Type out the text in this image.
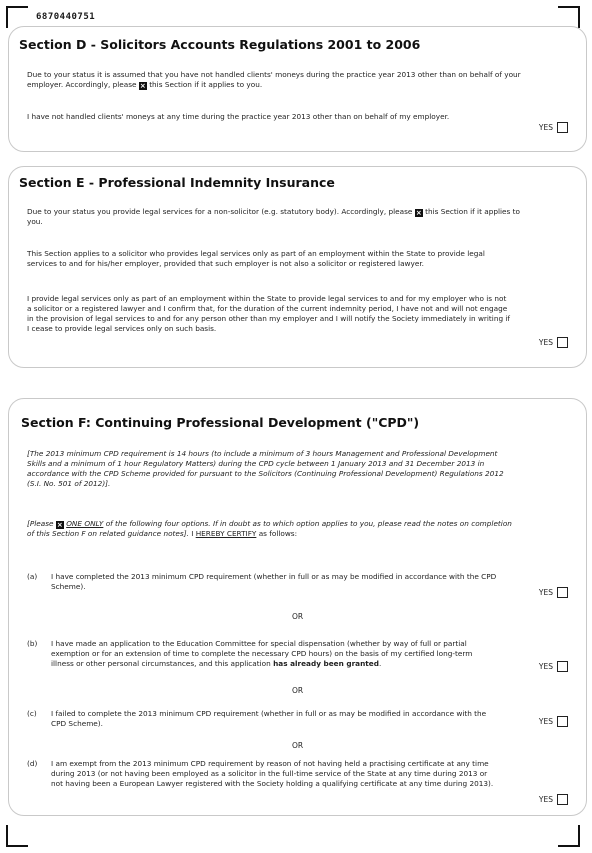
6870440751
Section D - Solicitors Accounts Regulations 2001 to 2006
Due to your status it is assumed that you have not handled clients' moneys during the practice year 2013 other than on behalf of your employer. Accordingly, please × this Section if it applies to you.
I have not handled clients' moneys at any time during the practice year 2013 other than on behalf of my employer.
YES
Section E - Professional Indemnity Insurance
Due to your status you provide legal services for a non-solicitor (e.g. statutory body). Accordingly, please × this Section if it applies to you.
This Section applies to a solicitor who provides legal services only as part of an employment within the State to provide legal services to and for his/her employer, provided that such employer is not also a solicitor or registered lawyer.
I provide legal services only as part of an employment within the State to provide legal services to and for my employer who is not a solicitor or a registered lawyer and I confirm that, for the duration of the current indemnity period, I have not and will not engage in the provision of legal services to and for any person other than my employer and I will notify the Society immediately in writing if I cease to provide legal services only on such basis.
YES
Section F: Continuing Professional Development ("CPD")
[The 2013 minimum CPD requirement is 14 hours (to include a minimum of 3 hours Management and Professional Development Skills and a minimum of 1 hour Regulatory Matters) during the CPD cycle between 1 January 2013 and 31 December 2013 in accordance with the CPD Scheme provided for pursuant to the Solicitors (Continuing Professional Development) Regulations 2012 (S.I. No. 501 of 2012)].
[Please × ONE ONLY of the following four options. If in doubt as to which option applies to you, please read the notes on completion of this Section F on related guidance notes]. I HEREBY CERTIFY as follows:
(a)	I have completed the 2013 minimum CPD requirement (whether in full or as may be modified in accordance with the CPD Scheme).
YES
OR
(b)	I have made an application to the Education Committee for special dispensation (whether by way of full or partial exemption or for an extension of time to complete the necessary CPD hours) on the basis of my certified long-term illness or other personal circumstances, and this application has already been granted.	YES
OR
(c)	I failed to complete the 2013 minimum CPD requirement (whether in full or as may be modified in accordance with the CPD Scheme).	YES
OR
(d)	I am exempt from the 2013 minimum CPD requirement by reason of not having held a practising certificate at any time during 2013 (or not having been employed as a solicitor in the full-time service of the State at any time during 2013 or not having been a European Lawyer registered with the Society holding a qualifying certificate at any time during 2013).
YES
